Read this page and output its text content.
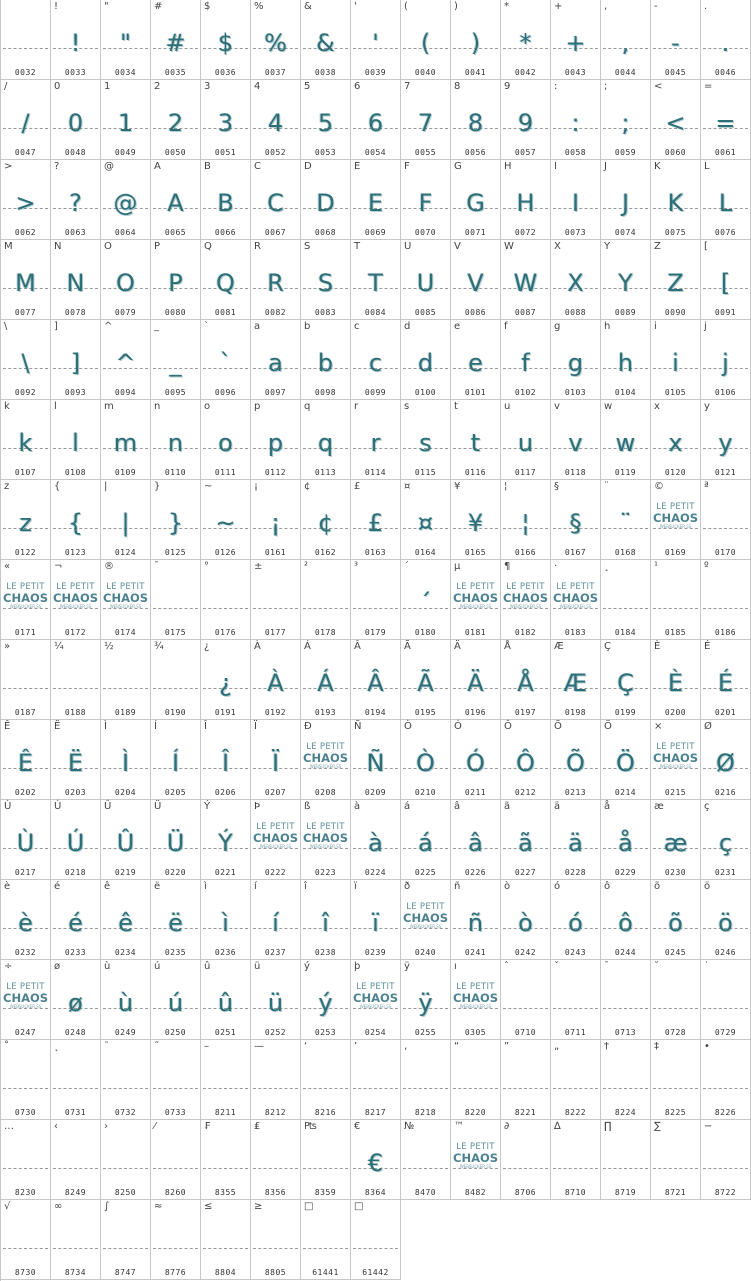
0032
!
!
0033
"
"
0034
#
#
0035
$
$
0036
%
%
0037
&
&
0038
'
'
0039
(
(
0040
)
)
0041
*
*
0042
+
+
0043
,
,
0044
-
-
0045
.
.
0046
/
/
0047
0
0
0048
1
1
0049
2
2
0050
3
3
0051
4
4
0052
5
5
0053
6
6
0054
7
7
0055
8
8
0056
9
9
0057
:
:
0058
;
;
0059
<
<
0060
=
=
0061
>
>
0062
?
?
0063
@
@
0064
A
A
0065
B
B
0066
C
C
0067
D
D
0068
E
E
0069
F
F
0070
G
G
0071
H
H
0072
I
I
0073
J
J
0074
K
K
0075
L
L
0076
M
M
0077
N
N
0078
O
O
0079
P
P
0080
Q
Q
0081
R
R
0082
S
S
0083
T
T
0084
U
U
0085
V
V
0086
W
W
0087
X
X
0088
Y
Y
0089
Z
Z
0090
[
[
0091
\
\
0092
]
]
0093
^
^
0094
_
_
0095
`
`
0096
a
a
0097
b
b
0098
c
c
0099
d
d
0100
e
e
0101
f
f
0102
g
g
0103
h
h
0104
i
i
0105
j
j
0106
k
k
0107
l
l
0108
m
m
0109
n
n
0110
o
o
0111
p
p
0112
q
q
0113
r
r
0114
s
s
0115
t
t
0116
u
u
0117
v
v
0118
w
w
0119
x
x
0120
y
y
0121
z
z
0122
{
{
0123
|
|
0124
}
}
0125
~
~
0126
¡
¡
0161
¢
¢
0162
£
£
0163
¤
¤
0164
¥
¥
0165
¦
¦
0166
§
§
0167
¨
¨
0168
©
LE PETIT
CHAOS
WEBSUCKER.SS
0169
ª
0170
«
LE PETIT
CHAOS
WEBSUCKER.SS
0171
¬
LE PETIT
CHAOS
WEBSUCKER.SS
0172
®
LE PETIT
CHAOS
WEBSUCKER.SS
0174
¯
0175
°
0176
±
0177
²
0178
³
0179
´
´
0180
µ
LE PETIT
CHAOS
WEBSUCKER.SS
0181
¶
LE PETIT
CHAOS
WEBSUCKER.SS
0182
·
LE PETIT
CHAOS
WEBSUCKER.SS
0183
¸
0184
¹
0185
º
0186
»
0187
¼
0188
½
0189
¾
0190
¿
¿
0191
À
À
0192
Á
Á
0193
Â
Â
0194
Ã
Ã
0195
Ä
Ä
0196
Å
Å
0197
Æ
Æ
0198
Ç
Ç
0199
È
È
0200
É
É
0201
Ê
Ê
0202
Ë
Ë
0203
Ì
Ì
0204
Í
Í
0205
Î
Î
0206
Ï
Ï
0207
Ð
LE PETIT
CHAOS
WEBSUCKER.SS
0208
Ñ
Ñ
0209
Ò
Ò
0210
Ó
Ó
0211
Ô
Ô
0212
Õ
Õ
0213
Ö
Ö
0214
×
LE PETIT
CHAOS
WEBSUCKER.SS
0215
Ø
Ø
0216
Ù
Ù
0217
Ú
Ú
0218
Û
Û
0219
Ü
Ü
0220
Ý
Ý
0221
Þ
LE PETIT
CHAOS
WEBSUCKER.SS
0222
ß
LE PETIT
CHAOS
WEBSUCKER.SS
0223
à
à
0224
á
á
0225
â
â
0226
ã
ã
0227
ä
ä
0228
å
å
0229
æ
æ
0230
ç
ç
0231
è
è
0232
é
é
0233
ê
ê
0234
ë
ë
0235
ì
ì
0236
í
í
0237
î
î
0238
ï
ï
0239
ð
LE PETIT
CHAOS
WEBSUCKER.SS
0240
ñ
ñ
0241
ò
ò
0242
ó
ó
0243
ô
ô
0244
õ
õ
0245
ö
ö
0246
÷
LE PETIT
CHAOS
WEBSUCKER.SS
0247
ø
ø
0248
ù
ù
0249
ú
ú
0250
û
û
0251
ü
ü
0252
ý
ý
0253
þ
LE PETIT
CHAOS
WEBSUCKER.SS
0254
ÿ
ÿ
0255
ı
LE PETIT
CHAOS
WEBSUCKER.SS
0305
ˆ
0710
ˇ
0711
ˉ
0713
˘
0728
˙
0729
˚
0730
˛
0731
˜
0732
˝
0733
–
8211
—
8212
‘
8216
’
8217
‚
8218
“
8220
”
8221
„
8222
†
8224
‡
8225
•
8226
…
8230
‹
8249
›
8250
⁄
8260
₣
8355
₤
8356
₧
8359
€
€
8364
№
8470
™
LE PETIT
CHAOS
WEBSUCKER.SS
8482
∂
8706
∆
8710
∏
8719
∑
8721
−
8722
√
8730
∞
8734
∫
8747
≈
8776
≤
8804
≥
8805
□
61441
□
61442
